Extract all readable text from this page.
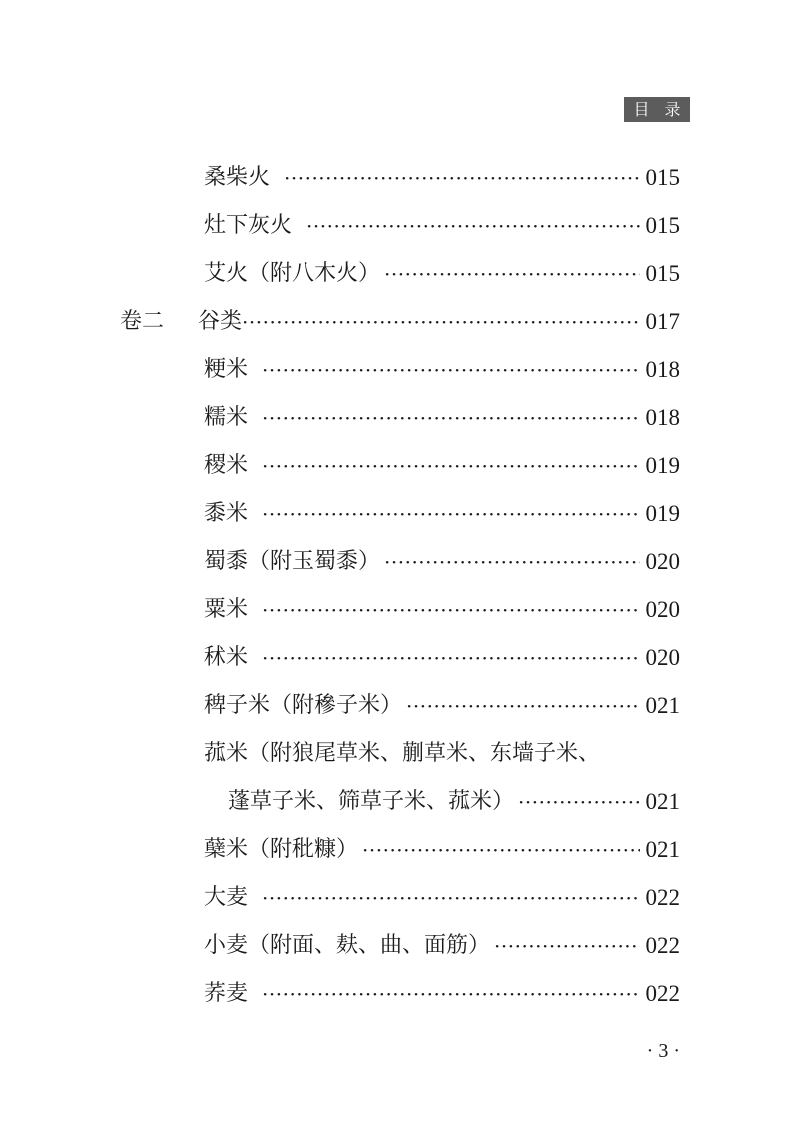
目 录
桑柴火 ·····	015
灶下灰火 ·····	015
艾火（附八木火） ·····	015
卷二	谷类 ·····	017
粳米 ·····	018
糯米 ·····	018
稷米 ·····	019
黍米 ·····	019
蜀黍（附玉蜀黍） ·····	020
粟米 ·····	020
秫米 ·····	020
稗子米（附穇子米） ·····	021
菰米（附狼尾草米、蒯草米、东墙子米、
蓬草子米、筛草子米、菰米） ·····	021
蘖米（附秕糠） ·····	021
大麦 ·····	022
小麦（附面、麸、曲、面筋） ·····	022
荞麦 ·····	022
· 3 ·
